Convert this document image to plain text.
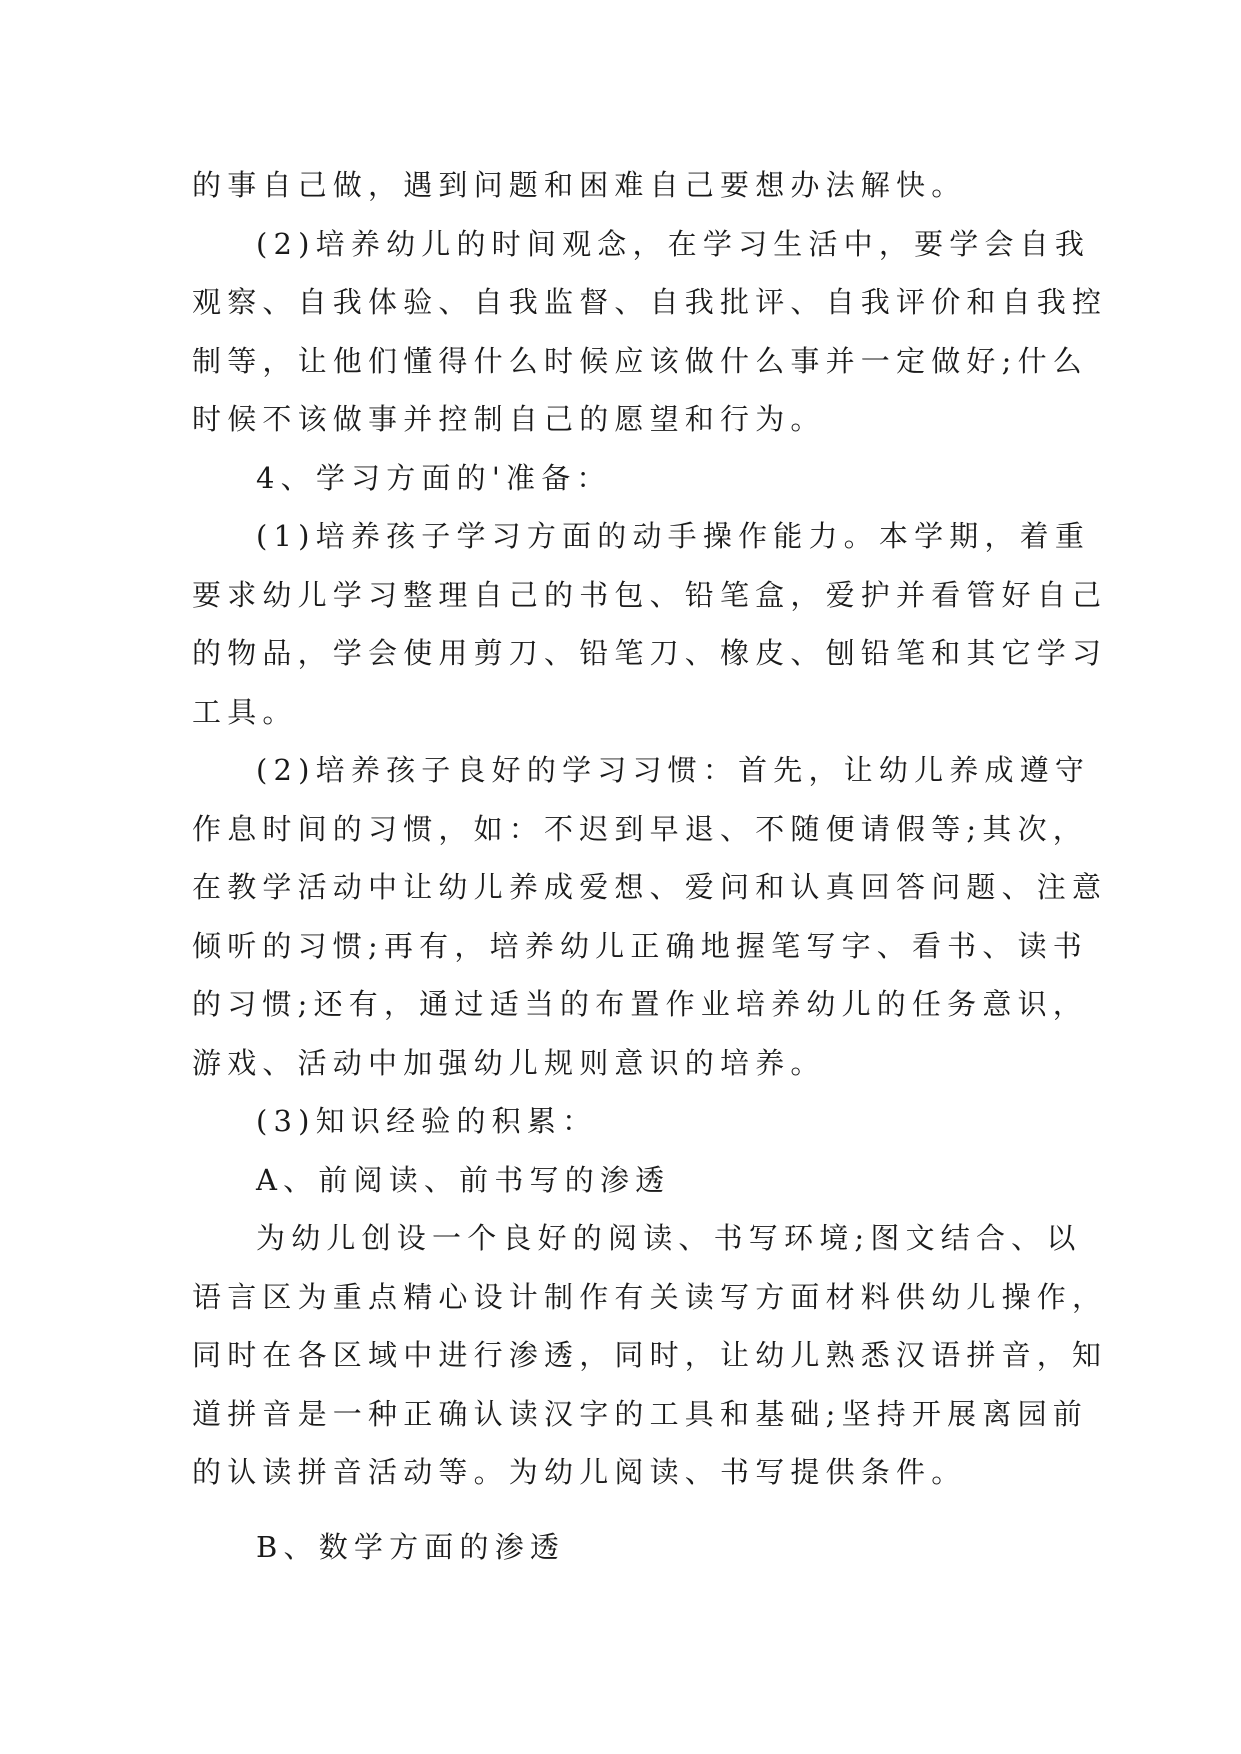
的事自己做，遇到问题和困难自己要想办法解快。
(2)培养幼儿的时间观念，在学习生活中，要学会自我
观察、自我体验、自我监督、自我批评、自我评价和自我控
制等，让他们懂得什么时候应该做什么事并一定做好;什么
时候不该做事并控制自己的愿望和行为。
4、学习方面的'准备：
(1)培养孩子学习方面的动手操作能力。本学期，着重
要求幼儿学习整理自己的书包、铅笔盒，爱护并看管好自己
的物品，学会使用剪刀、铅笔刀、橡皮、刨铅笔和其它学习
工具。
(2)培养孩子良好的学习习惯：首先，让幼儿养成遵守
作息时间的习惯，如：不迟到早退、不随便请假等;其次，
在教学活动中让幼儿养成爱想、爱问和认真回答问题、注意
倾听的习惯;再有，培养幼儿正确地握笔写字、看书、读书
的习惯;还有，通过适当的布置作业培养幼儿的任务意识，
游戏、活动中加强幼儿规则意识的培养。
(3)知识经验的积累：
A、前阅读、前书写的渗透
为幼儿创设一个良好的阅读、书写环境;图文结合、以
语言区为重点精心设计制作有关读写方面材料供幼儿操作，
同时在各区域中进行渗透，同时，让幼儿熟悉汉语拼音，知
道拼音是一种正确认读汉字的工具和基础;坚持开展离园前
的认读拼音活动等。为幼儿阅读、书写提供条件。
B、数学方面的渗透
